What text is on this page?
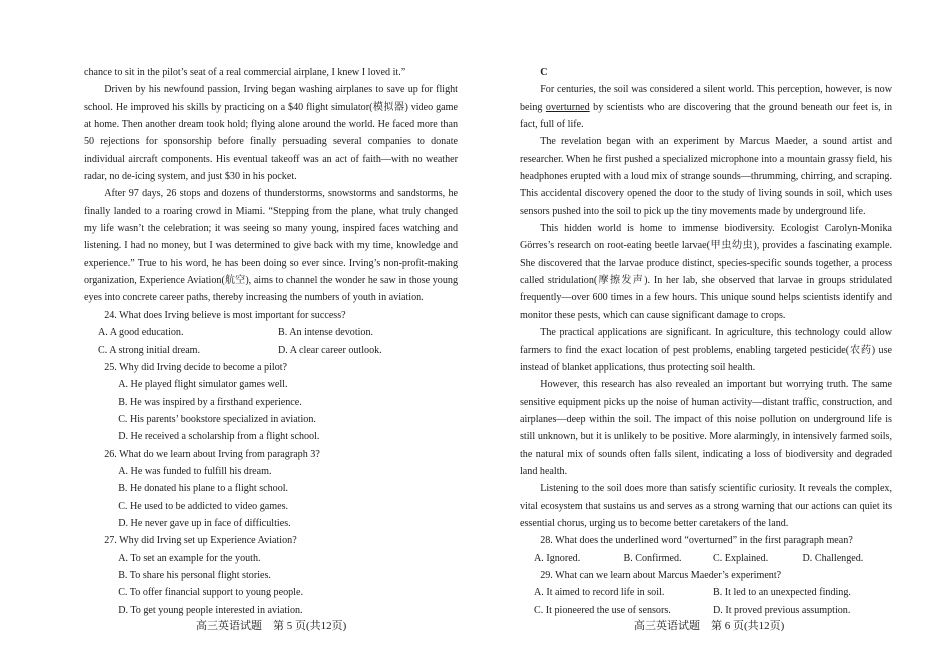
chance to sit in the pilot’s seat of a real commercial airplane, I knew I loved it.”

Driven by his newfound passion, Irving began washing airplanes to save up for flight school. He improved his skills by practicing on a $40 flight simulator(模拟器) video game at home. Then another dream took hold; flying alone around the world. He faced more than 50 rejections for sponsorship before finally persuading several companies to donate individual aircraft components. His eventual takeoff was an act of faith—with no weather radar, no de-icing system, and just $30 in his pocket.

After 97 days, 26 stops and dozens of thunderstorms, snowstorms and sandstorms, he finally landed to a roaring crowd in Miami. “Stepping from the plane, what truly changed my life wasn’t the celebration; it was seeing so many young, inspired faces watching and listening. I had no money, but I was determined to give back with my time, knowledge and experience.” True to his word, he has been doing so ever since. Irving’s non-profit-making organization, Experience Aviation(航空), aims to channel the wonder he saw in those young eyes into concrete career paths, thereby increasing the numbers of youth in aviation.

24. What does Irving believe is most important for success?

A. A good education.	B. An intense devotion.
C. A strong initial dream.	D. A clear career outlook.

25. Why did Irving decide to become a pilot?

A. He played flight simulator games well.

B. He was inspired by a firsthand experience.

C. His parents’ bookstore specialized in aviation.

D. He received a scholarship from a flight school.

26. What do we learn about Irving from paragraph 3?

A. He was funded to fulfill his dream.

B. He donated his plane to a flight school.

C. He used to be addicted to video games.

D. He never gave up in face of difficulties.

27. Why did Irving set up Experience Aviation?

A. To set an example for the youth.

B. To share his personal flight stories.

C. To offer financial support to young people.

D. To get young people interested in aviation.

C

For centuries, the soil was considered a silent world. This perception, however, is now being overturned by scientists who are discovering that the ground beneath our feet is, in fact, full of life.

The revelation began with an experiment by Marcus Maeder, a sound artist and researcher. When he first pushed a specialized microphone into a mountain grassy field, his headphones erupted with a loud mix of strange sounds—thrumming, chirring, and scraping. This accidental discovery opened the door to the study of living sounds in soil, which uses sensors pushed into the soil to pick up the tiny movements made by underground life.

This hidden world is home to immense biodiversity. Ecologist Carolyn-Monika Görres’s research on root-eating beetle larvae(甲虫幼虫), provides a fascinating example. She discovered that the larvae produce distinct, species-specific sounds together, a process called stridulation(摩擦发声). In her lab, she observed that larvae in groups stridulated frequently—over 600 times in a few hours. This unique sound helps scientists identify and monitor these pests, which can cause significant damage to crops.

The practical applications are significant. In agriculture, this technology could allow farmers to find the exact location of pest problems, enabling targeted pesticide(农药) use instead of blanket applications, thus protecting soil health.

However, this research has also revealed an important but worrying truth. The same sensitive equipment picks up the noise of human activity—distant traffic, construction, and airplanes—deep within the soil. The impact of this noise pollution on underground life is still unknown, but it is unlikely to be positive. More alarmingly, in intensively farmed soils, the natural mix of sounds often falls silent, indicating a loss of biodiversity and degraded land health.

Listening to the soil does more than satisfy scientific curiosity. It reveals the complex, vital ecosystem that sustains us and serves as a strong warning that our actions can quiet its essential chorus, urging us to become better caretakers of the land.

28. What does the underlined word “overturned” in the first paragraph mean?

A. Ignored.	B. Confirmed.	C. Explained.	D. Challenged.

29. What can we learn about Marcus Maeder’s experiment?

A. It aimed to record life in soil.	B. It led to an unexpected finding.
C. It pioneered the use of sensors.	D. It proved previous assumption.
高三英语试题　第 5 页(共12页)	高三英语试题　第 6 页(共12页)
